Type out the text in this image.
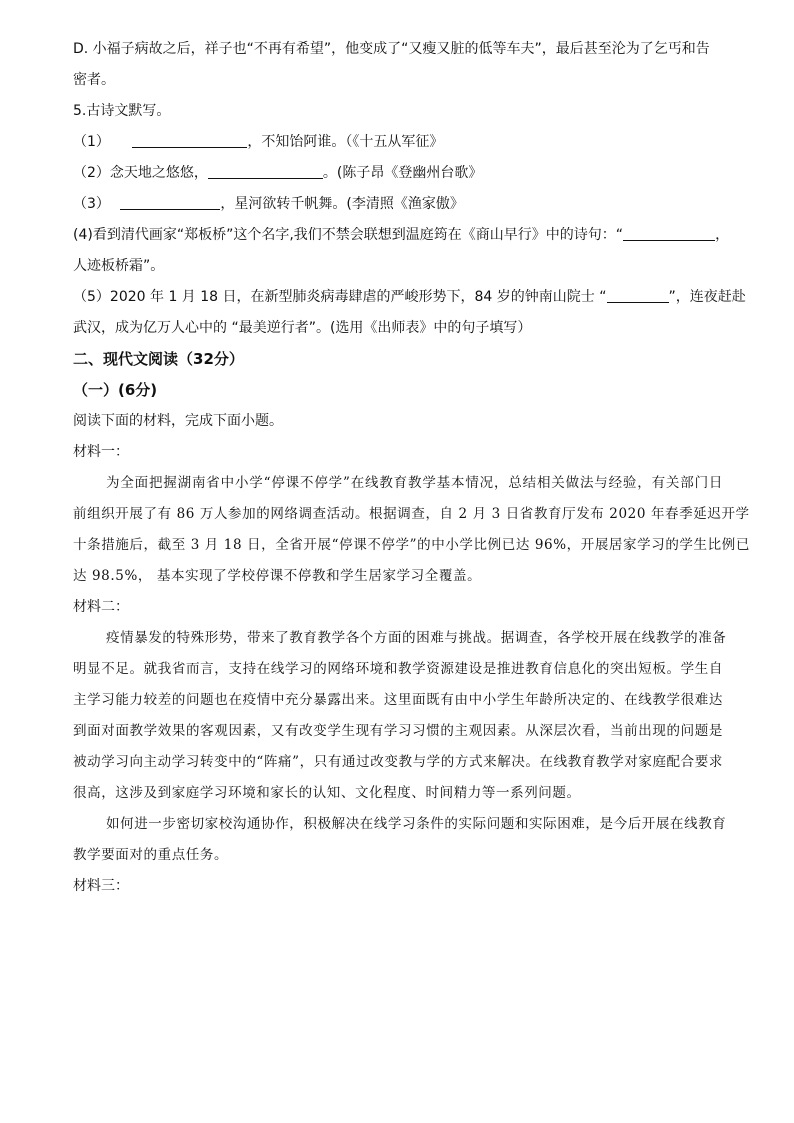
D. 小福子病故之后，祥子也“不再有希望”，他变成了“又瘦又脏的低等车夫”，最后甚至沦为了乞丐和告
密者。
5.古诗文默写。
（1）	，不知饴阿谁。（《十五从军征》
（2）念天地之悠悠，	。(陈子昂《登幽州台歌》
（3）	，星河欲转千帆舞。(李清照《渔家傲》
(4)看到清代画家“郑板桥”这个名字,我们不禁会联想到温庭筠在《商山早行》中的诗句：“	，
人迹板桥霜”。
（5）2020 年 1 月 18 日，在新型肺炎病毒肆虐的严峻形势下，84 岁的钟南山院士 “	”，连夜赶赴
武汉，成为亿万人心中的 “最美逆行者”。(选用《出师表》中的句子填写）
二、现代文阅读（32分）
（一）(6分)
阅读下面的材料，完成下面小题。
材料一：
为全面把握湖南省中小学“停课不停学”在线教育教学基本情况，总结相关做法与经验，有关部门日
前组织开展了有 86 万人参加的网络调查活动。根据调查，自 2 月 3 日省教育厅发布 2020 年春季延迟开学
十条措施后，截至 3 月 18 日，全省开展“停课不停学”的中小学比例已达 96%，开展居家学习的学生比例已
达 98.5%， 基本实现了学校停课不停教和学生居家学习全覆盖。
材料二：
疫情暴发的特殊形势，带来了教育教学各个方面的困难与挑战。据调查，各学校开展在线教学的准备
明显不足。就我省而言，支持在线学习的网络环境和教学资源建设是推进教育信息化的突出短板。学生自
主学习能力较差的问题也在疫情中充分暴露出来。这里面既有由中小学生年龄所决定的、在线教学很难达
到面对面教学效果的客观因素，又有改变学生现有学习习惯的主观因素。从深层次看，当前出现的问题是
被动学习向主动学习转变中的“阵痛”，只有通过改变教与学的方式来解决。在线教育教学对家庭配合要求
很高，这涉及到家庭学习环境和家长的认知、文化程度、时间精力等一系列问题。
如何进一步密切家校沟通协作，积极解决在线学习条件的实际问题和实际困难，是今后开展在线教育
教学要面对的重点任务。
材料三：
